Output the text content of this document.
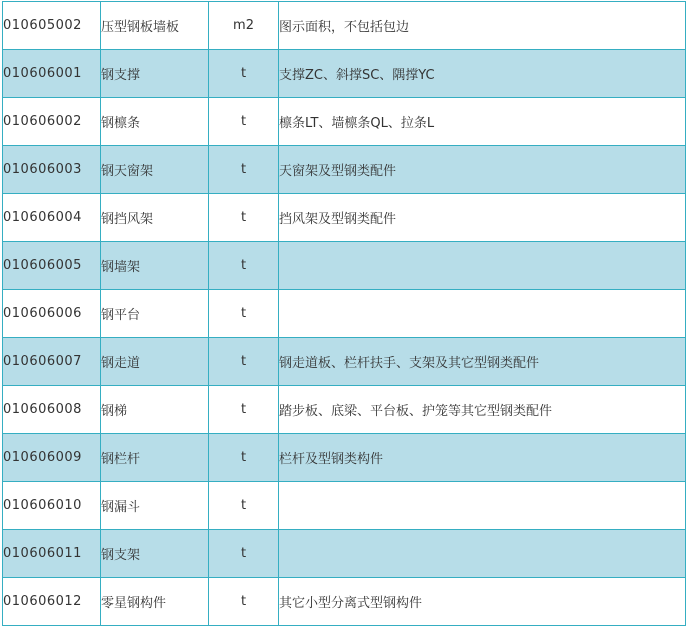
010605002	压型钢板墙板	m2	图示面积，不包括包边
010606001	钢支撑	t	支撑ZC、斜撑SC、隅撑YC
010606002	钢檩条	t	檩条LT、墙檩条QL、拉条L
010606003	钢天窗架	t	天窗架及型钢类配件
010606004	钢挡风架	t	挡风架及型钢类配件
010606005	钢墙架	t	
010606006	钢平台	t	
010606007	钢走道	t	钢走道板、栏杆扶手、支架及其它型钢类配件
010606008	钢梯	t	踏步板、底梁、平台板、护笼等其它型钢类配件
010606009	钢栏杆	t	栏杆及型钢类构件
010606010	钢漏斗	t	
010606011	钢支架	t	
010606012	零星钢构件	t	其它小型分离式型钢构件
